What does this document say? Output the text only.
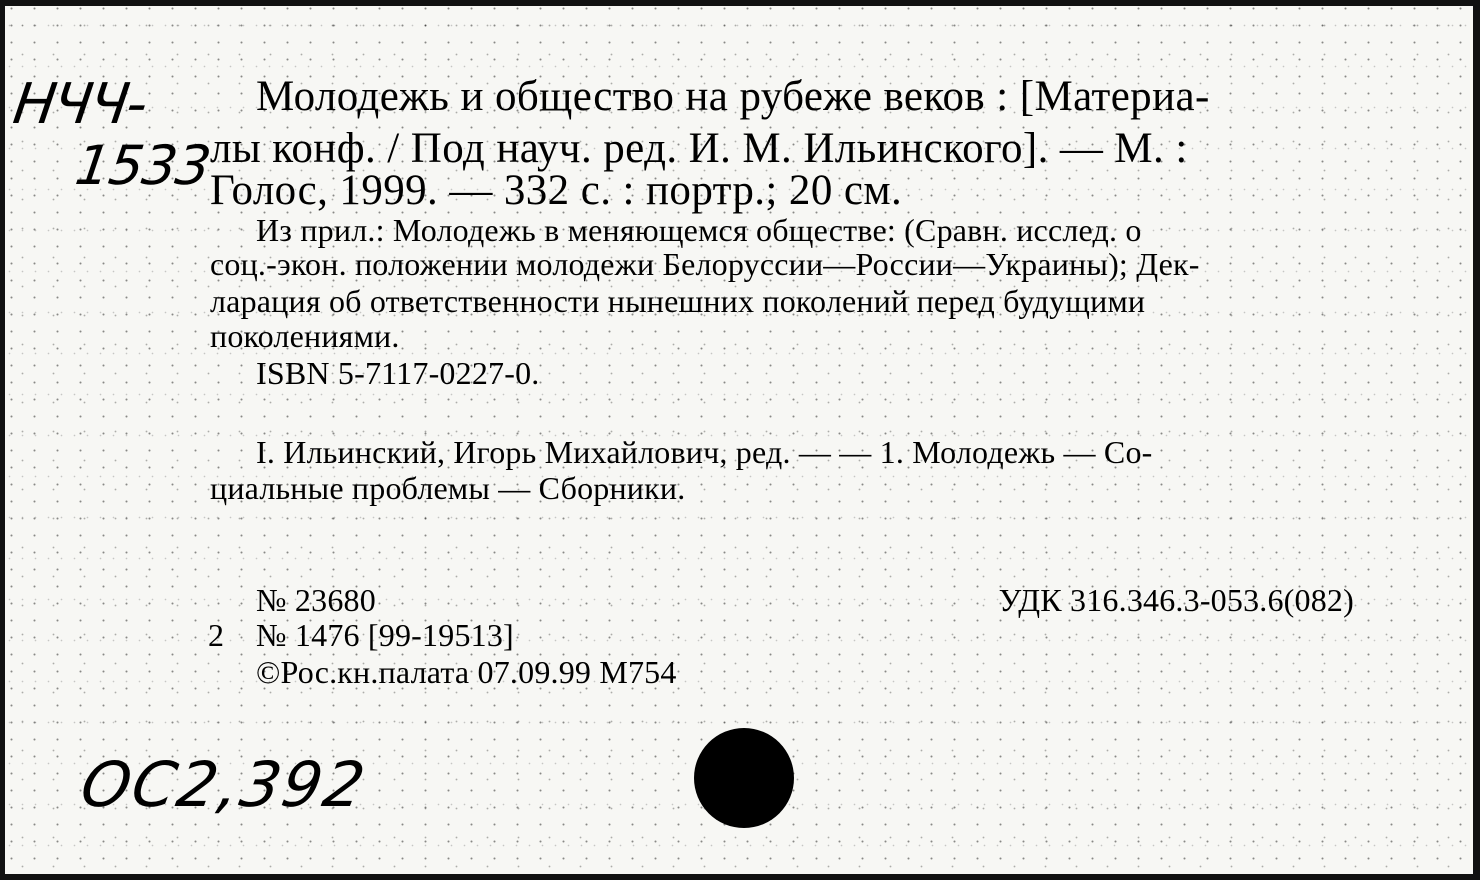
НЧЧ-
1533
Молодежь и общество на рубеже веков : [Материа-
лы конф. / Под науч. ред. И. М. Ильинского]. — М. :
Голос, 1999. — 332 с. : портр.; 20 см.
Из прил.: Молодежь в меняющемся обществе: (Сравн. исслед. о
соц.-экон. положении молодежи Белоруссии—России—Украины); Дек-
ларация об ответственности нынешних поколений перед будущими
поколениями.
ISBN 5-7117-0227-0.
I. Ильинский, Игорь Михайлович, ред. — — 1. Молодежь — Со-
циальные проблемы — Сборники.
№ 23680
2 № 1476 [99-19513]
©Рос.кн.палата 07.09.99 М754
УДК 316.346.3-053.6(082)
ОС2,392
